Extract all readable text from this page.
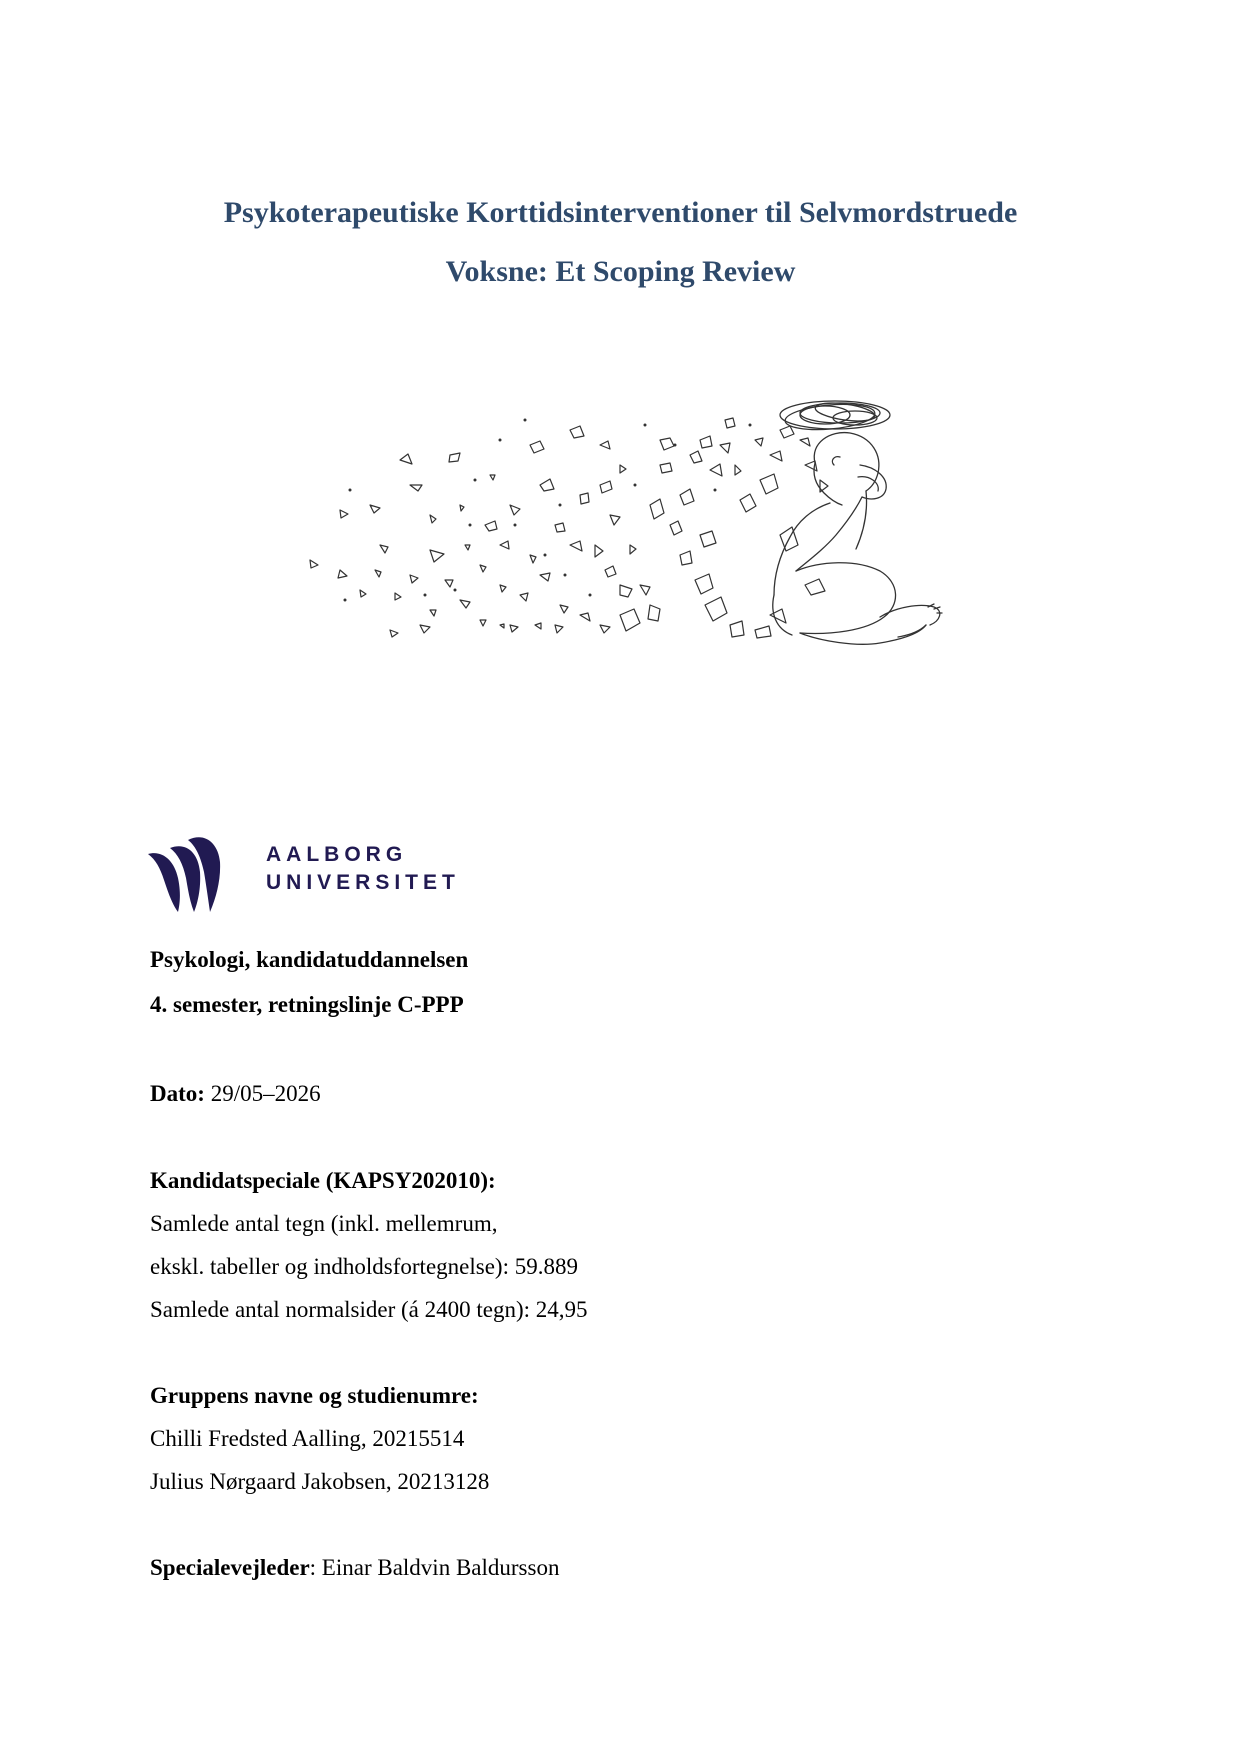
Psykoterapeutiske Korttidsinterventioner til Selvmordstruede
Voksne: Et Scoping Review
AALBORG
UNIVERSITET
Psykologi, kandidatuddannelsen
4. semester, retningslinje C-PPP
Dato: 29/05–2026
Kandidatspeciale (KAPSY202010):
Samlede antal tegn (inkl. mellemrum,
ekskl. tabeller og indholdsfortegnelse): 59.889
Samlede antal normalsider (á 2400 tegn): 24,95
Gruppens navne og studienumre:
Chilli Fredsted Aalling, 20215514
Julius Nørgaard Jakobsen, 20213128
Specialevejleder: Einar Baldvin Baldursson
